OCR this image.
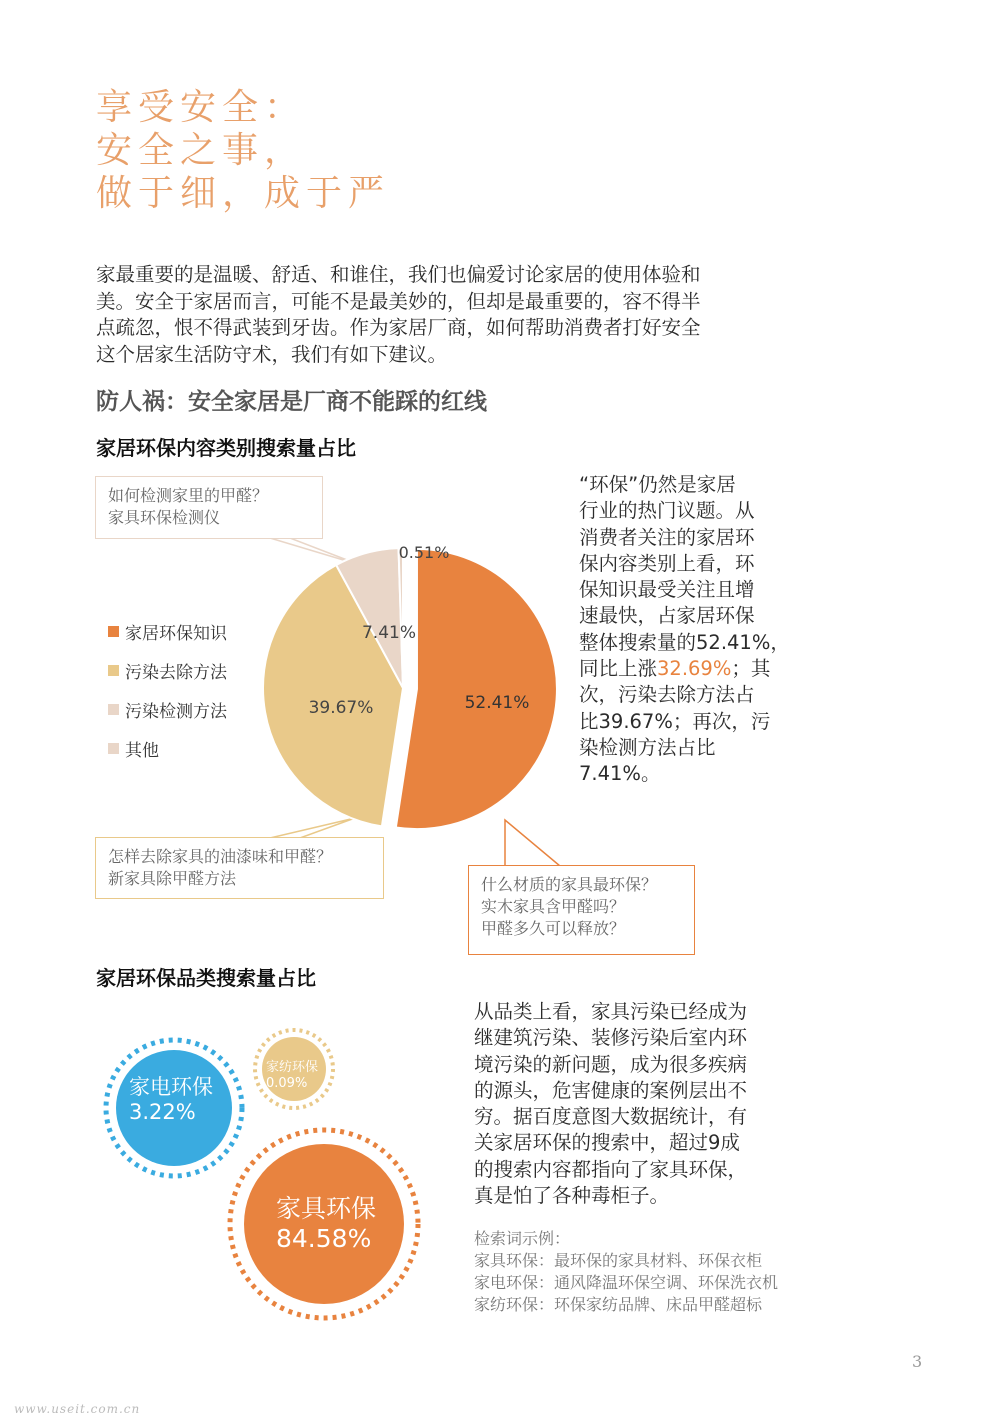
享受安全：
安全之事，
做于细，成于严
家最重要的是温暖、舒适、和谁住，我们也偏爱讨论家居的使用体验和
美。安全于家居而言，可能不是最美妙的，但却是最重要的，容不得半
点疏忽，恨不得武装到牙齿。作为家居厂商，如何帮助消费者打好安全
这个居家生活防守术，我们有如下建议。
防人祸：安全家居是厂商不能踩的红线
家居环保内容类别搜索量占比
52.41%
39.67%
7.41%
0.51%
如何检测家里的甲醛？
家具环保检测仪
怎样去除家具的油漆味和甲醛？
新家具除甲醛方法	什么材质的家具最环保？
实木家具含甲醛吗？
甲醛多久可以释放？
家居环保知识
污染去除方法
污染检测方法
其他
“环保”仍然是家居
行业的热门议题。从
消费者关注的家居环
保内容类别上看，环
保知识最受关注且增
速最快，占家居环保
整体搜索量的52.41%，
同比上涨32.69%；其
次，污染去除方法占
比39.67%；再次，污
染检测方法占比
7.41%。
家居环保品类搜索量占比
家电环保
3.22%
家纺环保
0.09%
家具环保
84.58%
从品类上看，家具污染已经成为
继建筑污染、装修污染后室内环
境污染的新问题，成为很多疾病
的源头，危害健康的案例层出不
穷。据百度意图大数据统计，有
关家居环保的搜索中，超过9成
的搜索内容都指向了家具环保，
真是怕了各种毒柜子。
检索词示例：
家具环保：最环保的家具材料、环保衣柜
家电环保：通风降温环保空调、环保洗衣机
家纺环保：环保家纺品牌、床品甲醛超标
3
www.useit.com.cn
